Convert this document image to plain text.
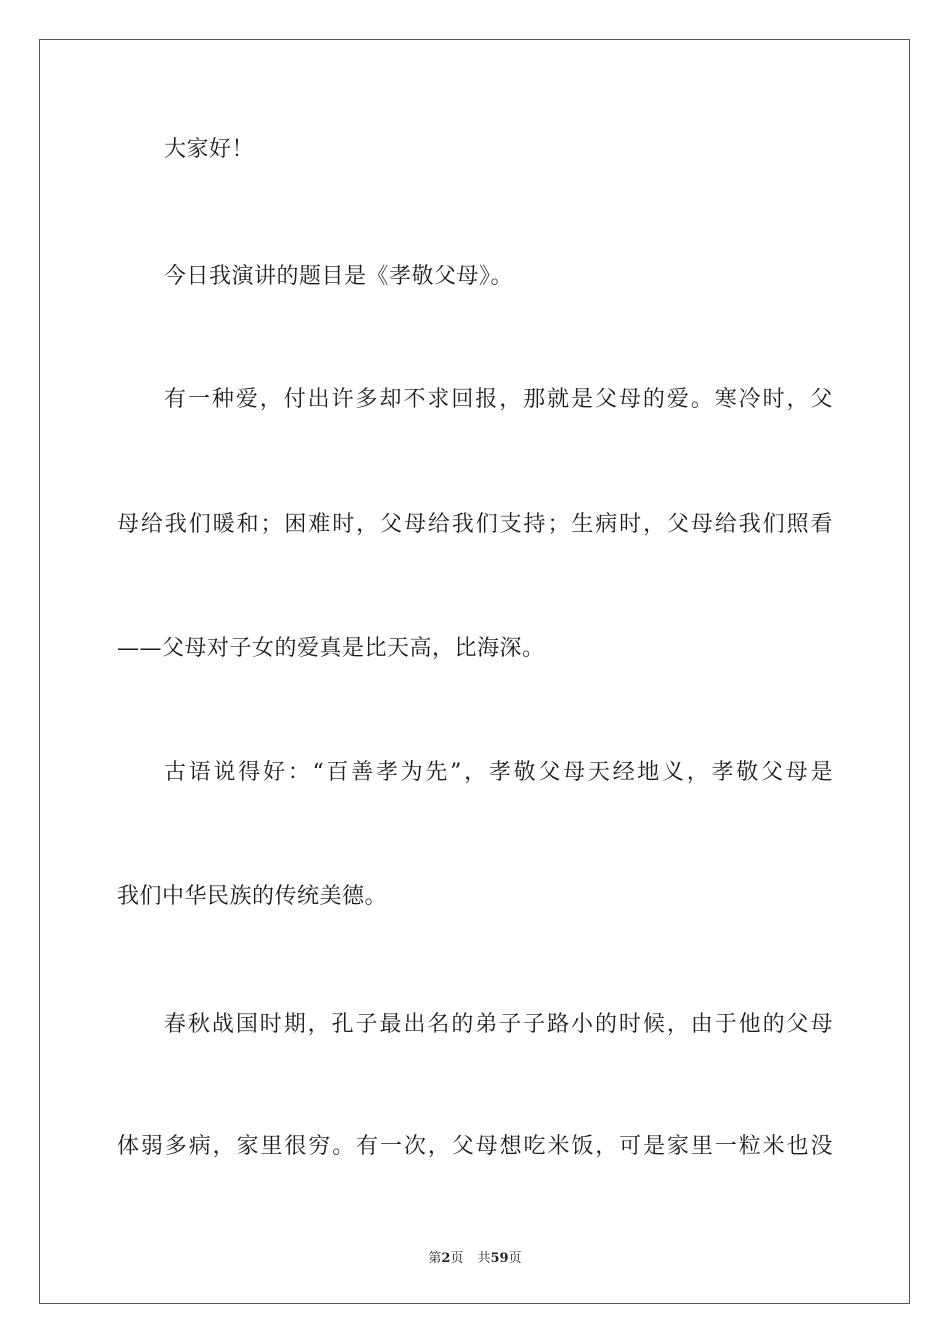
大家好！
今日我演讲的题目是《孝敬父母》。
有一种爱，付出许多却不求回报，那就是父母的爱。寒冷时，父
母给我们暖和；困难时，父母给我们支持；生病时，父母给我们照看
——父母对子女的爱真是比天高，比海深。
古语说得好：“百善孝为先”，孝敬父母天经地义，孝敬父母是
我们中华民族的传统美德。
春秋战国时期，孔子最出名的弟子子路小的时候，由于他的父母
体弱多病，家里很穷。有一次，父母想吃米饭，可是家里一粒米也没
第2页 共59页
